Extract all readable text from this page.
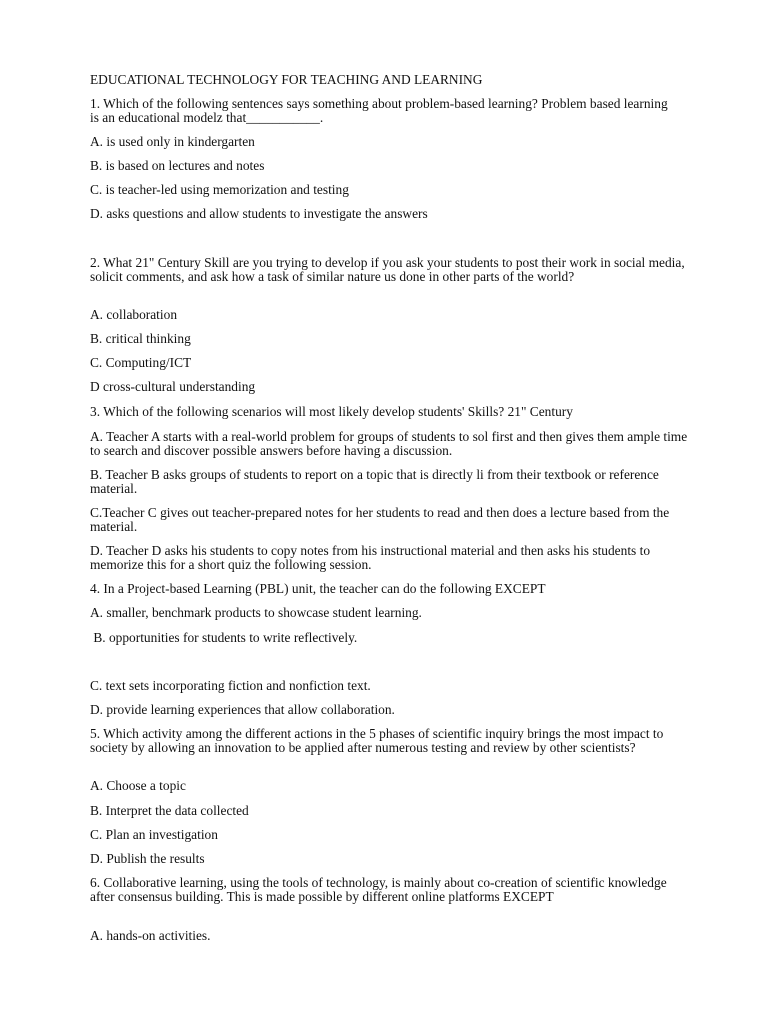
EDUCATIONAL TECHNOLOGY FOR TEACHING AND LEARNING
1. Which of the following sentences says something about problem-based learning? Problem based learning is an educational modelz that___________.
A. is used only in kindergarten
B. is based on lectures and notes
C. is teacher-led using memorization and testing
D. asks questions and allow students to investigate the answers
2. What 21" Century Skill are you trying to develop if you ask your students to post their work in social media, solicit comments, and ask how a task of similar nature us done in other parts of the world?
A. collaboration
B. critical thinking
C. Computing/ICT
D cross-cultural understanding
3. Which of the following scenarios will most likely develop students' Skills? 21" Century
A. Teacher A starts with a real-world problem for groups of students to sol first and then gives them ample time to search and discover possible answers before having a discussion.
B. Teacher B asks groups of students to report on a topic that is directly li from their textbook or reference material.
C.Teacher C gives out teacher-prepared notes for her students to read and then does a lecture based from the material.
D. Teacher D asks his students to copy notes from his instructional material and then asks his students to memorize this for a short quiz the following session.
4. In a Project-based Learning (PBL) unit, the teacher can do the following EXCEPT
A. smaller, benchmark products to showcase student learning.
B. opportunities for students to write reflectively.
C. text sets incorporating fiction and nonfiction text.
D. provide learning experiences that allow collaboration.
5. Which activity among the different actions in the 5 phases of scientific inquiry brings the most impact to society by allowing an innovation to be applied after numerous testing and review by other scientists?
A. Choose a topic
B. Interpret the data collected
C. Plan an investigation
D. Publish the results
6. Collaborative learning, using the tools of technology, is mainly about co-creation of scientific knowledge after consensus building. This is made possible by different online platforms EXCEPT
A. hands-on activities.
